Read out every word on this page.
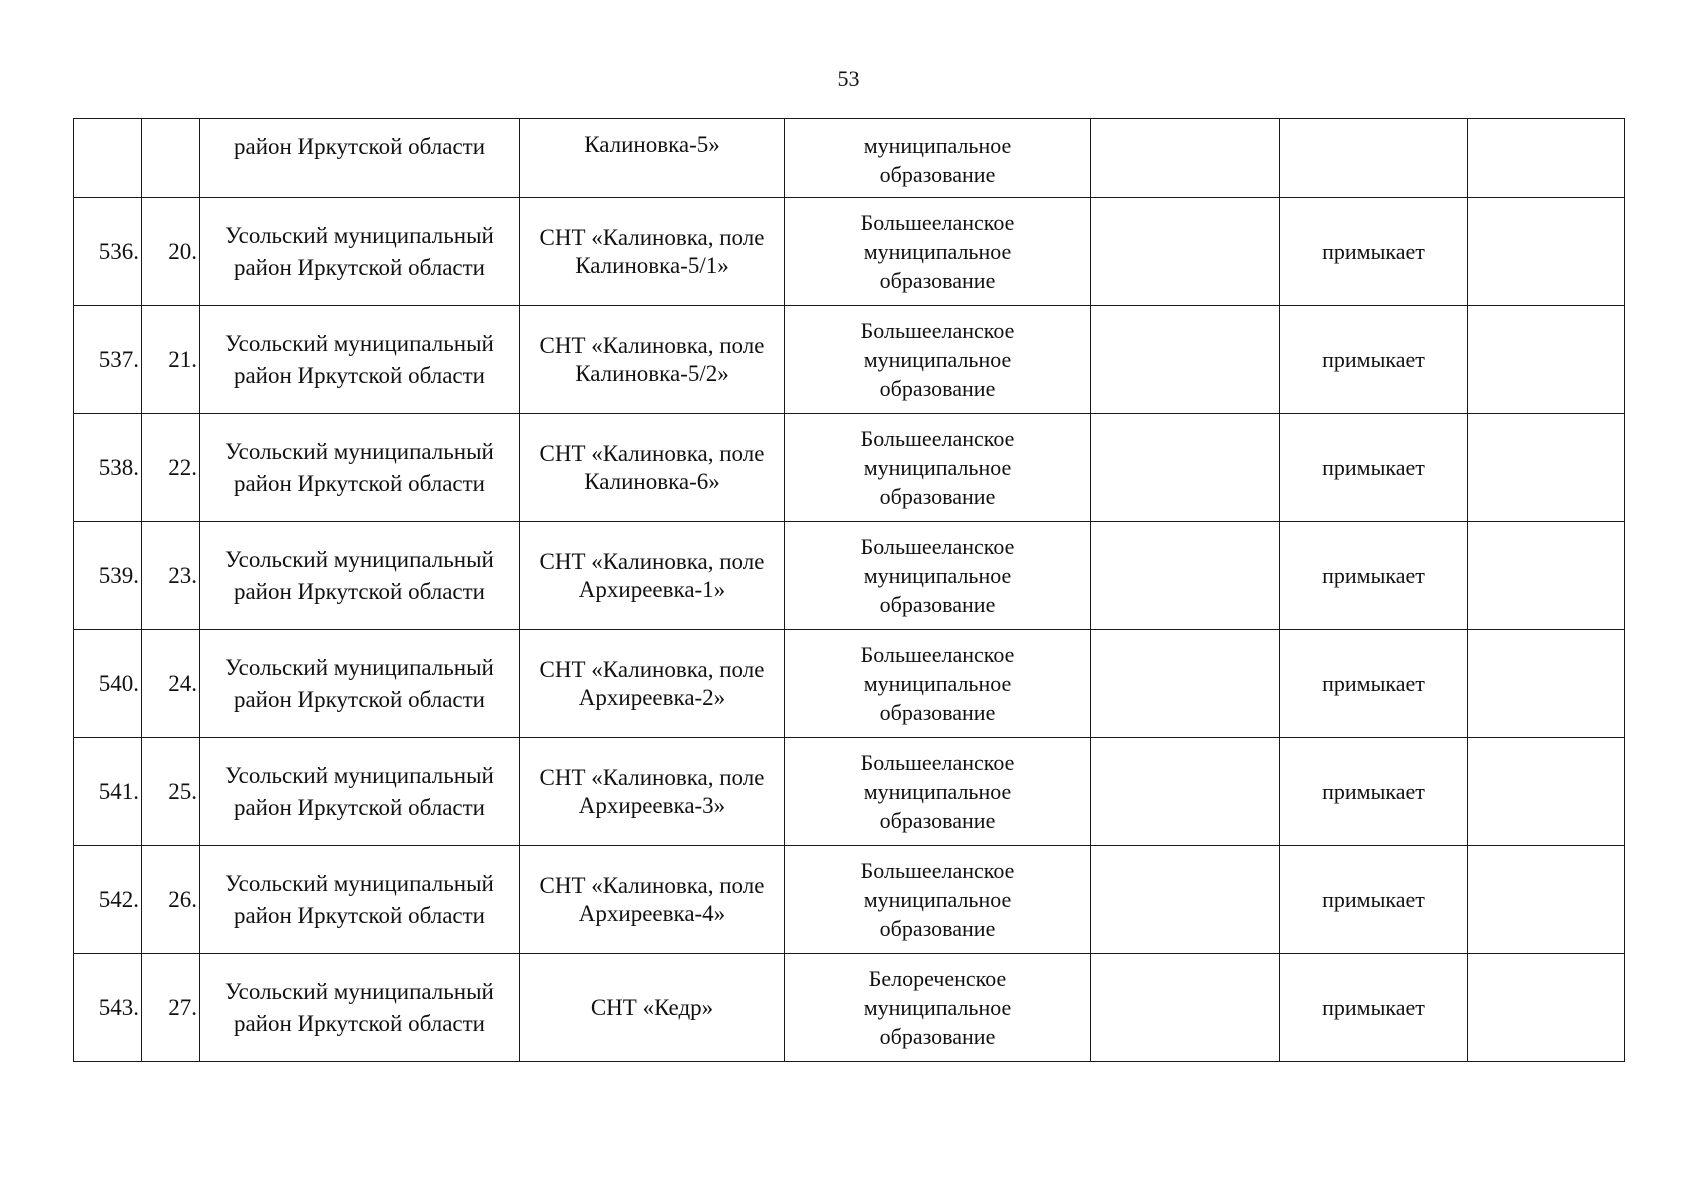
53
		район Иркутской области	Калиновка-5»	муниципальное
образование			
536.	20.	Усольский муниципальный
район Иркутской области	СНТ «Калиновка, поле
Калиновка-5/1»	Большееланское
муниципальное
образование		примыкает	
537.	21.	Усольский муниципальный
район Иркутской области	СНТ «Калиновка, поле
Калиновка-5/2»	Большееланское
муниципальное
образование		примыкает	
538.	22.	Усольский муниципальный
район Иркутской области	СНТ «Калиновка, поле
Калиновка-6»	Большееланское
муниципальное
образование		примыкает	
539.	23.	Усольский муниципальный
район Иркутской области	СНТ «Калиновка, поле
Архиреевка-1»	Большееланское
муниципальное
образование		примыкает	
540.	24.	Усольский муниципальный
район Иркутской области	СНТ «Калиновка, поле
Архиреевка-2»	Большееланское
муниципальное
образование		примыкает	
541.	25.	Усольский муниципальный
район Иркутской области	СНТ «Калиновка, поле
Архиреевка-3»	Большееланское
муниципальное
образование		примыкает	
542.	26.	Усольский муниципальный
район Иркутской области	СНТ «Калиновка, поле
Архиреевка-4»	Большееланское
муниципальное
образование		примыкает	
543.	27.	Усольский муниципальный
район Иркутской области	СНТ «Кедр»	Белореченское
муниципальное
образование		примыкает	
